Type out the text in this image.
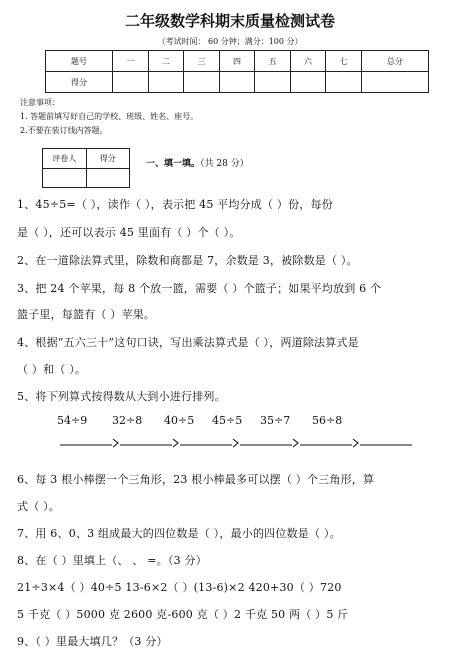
二年级数学科期末质量检测试卷
（考试时间： 60 分钟；满分：100 分）
题号	一	二	三	四	五	六	七	总分
得分								
注意事项：
1. 答题前填写好自己的学校、班级、姓名、座号。
2.不要在装订线内答题。
评卷人	得分

一、填一填。（共 28 分）
1、45÷5=（ ），读作（ ），表示把 45 平均分成（ ）份，每份
是（ ），还可以表示 45 里面有（ ）个（ ）。
2、在一道除法算式里，除数和商都是 7，余数是 3，被除数是（ ）。
3、把 24 个苹果，每 8 个放一篮，需要（ ）个篮子；如果平均放到 6 个
篮子里，每篮有（ ）苹果。
4、根据“五六三十”这句口诀，写出乘法算式是（ ），两道除法算式是
（ ）和（ ）。
5、将下列算式按得数从大到小进行排列。
54÷9 32÷8 40÷5 45÷5 35÷7 56÷8
6、每 3 根小棒摆一个三角形，23 根小棒最多可以摆（ ）个三角形，算
式（ ）。
7、用 6、0、3 组成最大的四位数是（ ），最小的四位数是（ ）。
8、在（ ）里填上（、 、 =。（3 分）
21÷3×4（ ）40÷5 13-6×2（ ）(13-6)×2 420+30（ ）720
5 千克（ ）5000 克 2600 克-600 克（ ）2 千克 50 两（ ）5 斤
9、（ ）里最大填几？（3 分）
